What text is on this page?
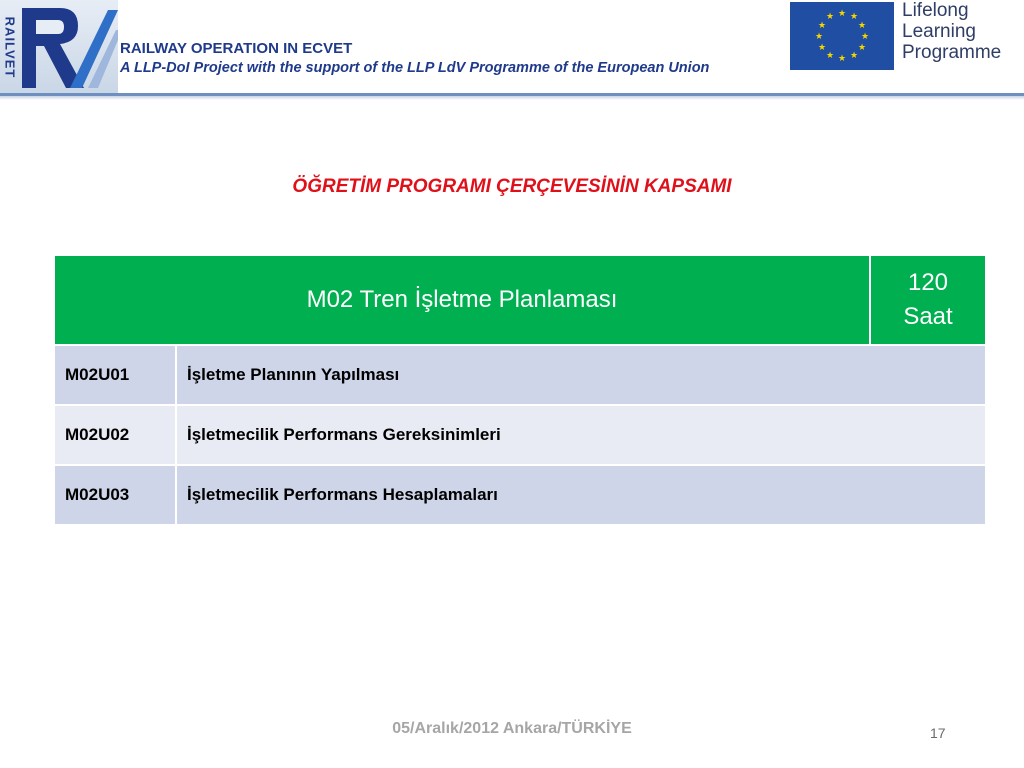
RAILVET	RAILWAY OPERATION IN ECVET
A LLP-DoI Project with the support of the LLP LdV Programme of the European Union
★ ★
★
★
★
★
★
★
★
★
★
★	Lifelong
Learning
Programme
ÖĞRETİM PROGRAMI ÇERÇEVESİNİN KAPSAMI
M02 Tren İşletme Planlaması		120
Saat

M02U01	İşletme Planının Yapılması	
M02U02	İşletmecilik Performans Gereksinimleri	
M02U03	İşletmecilik Performans Hesaplamaları	
05/Aralık/2012 Ankara/TÜRKİYE	17
